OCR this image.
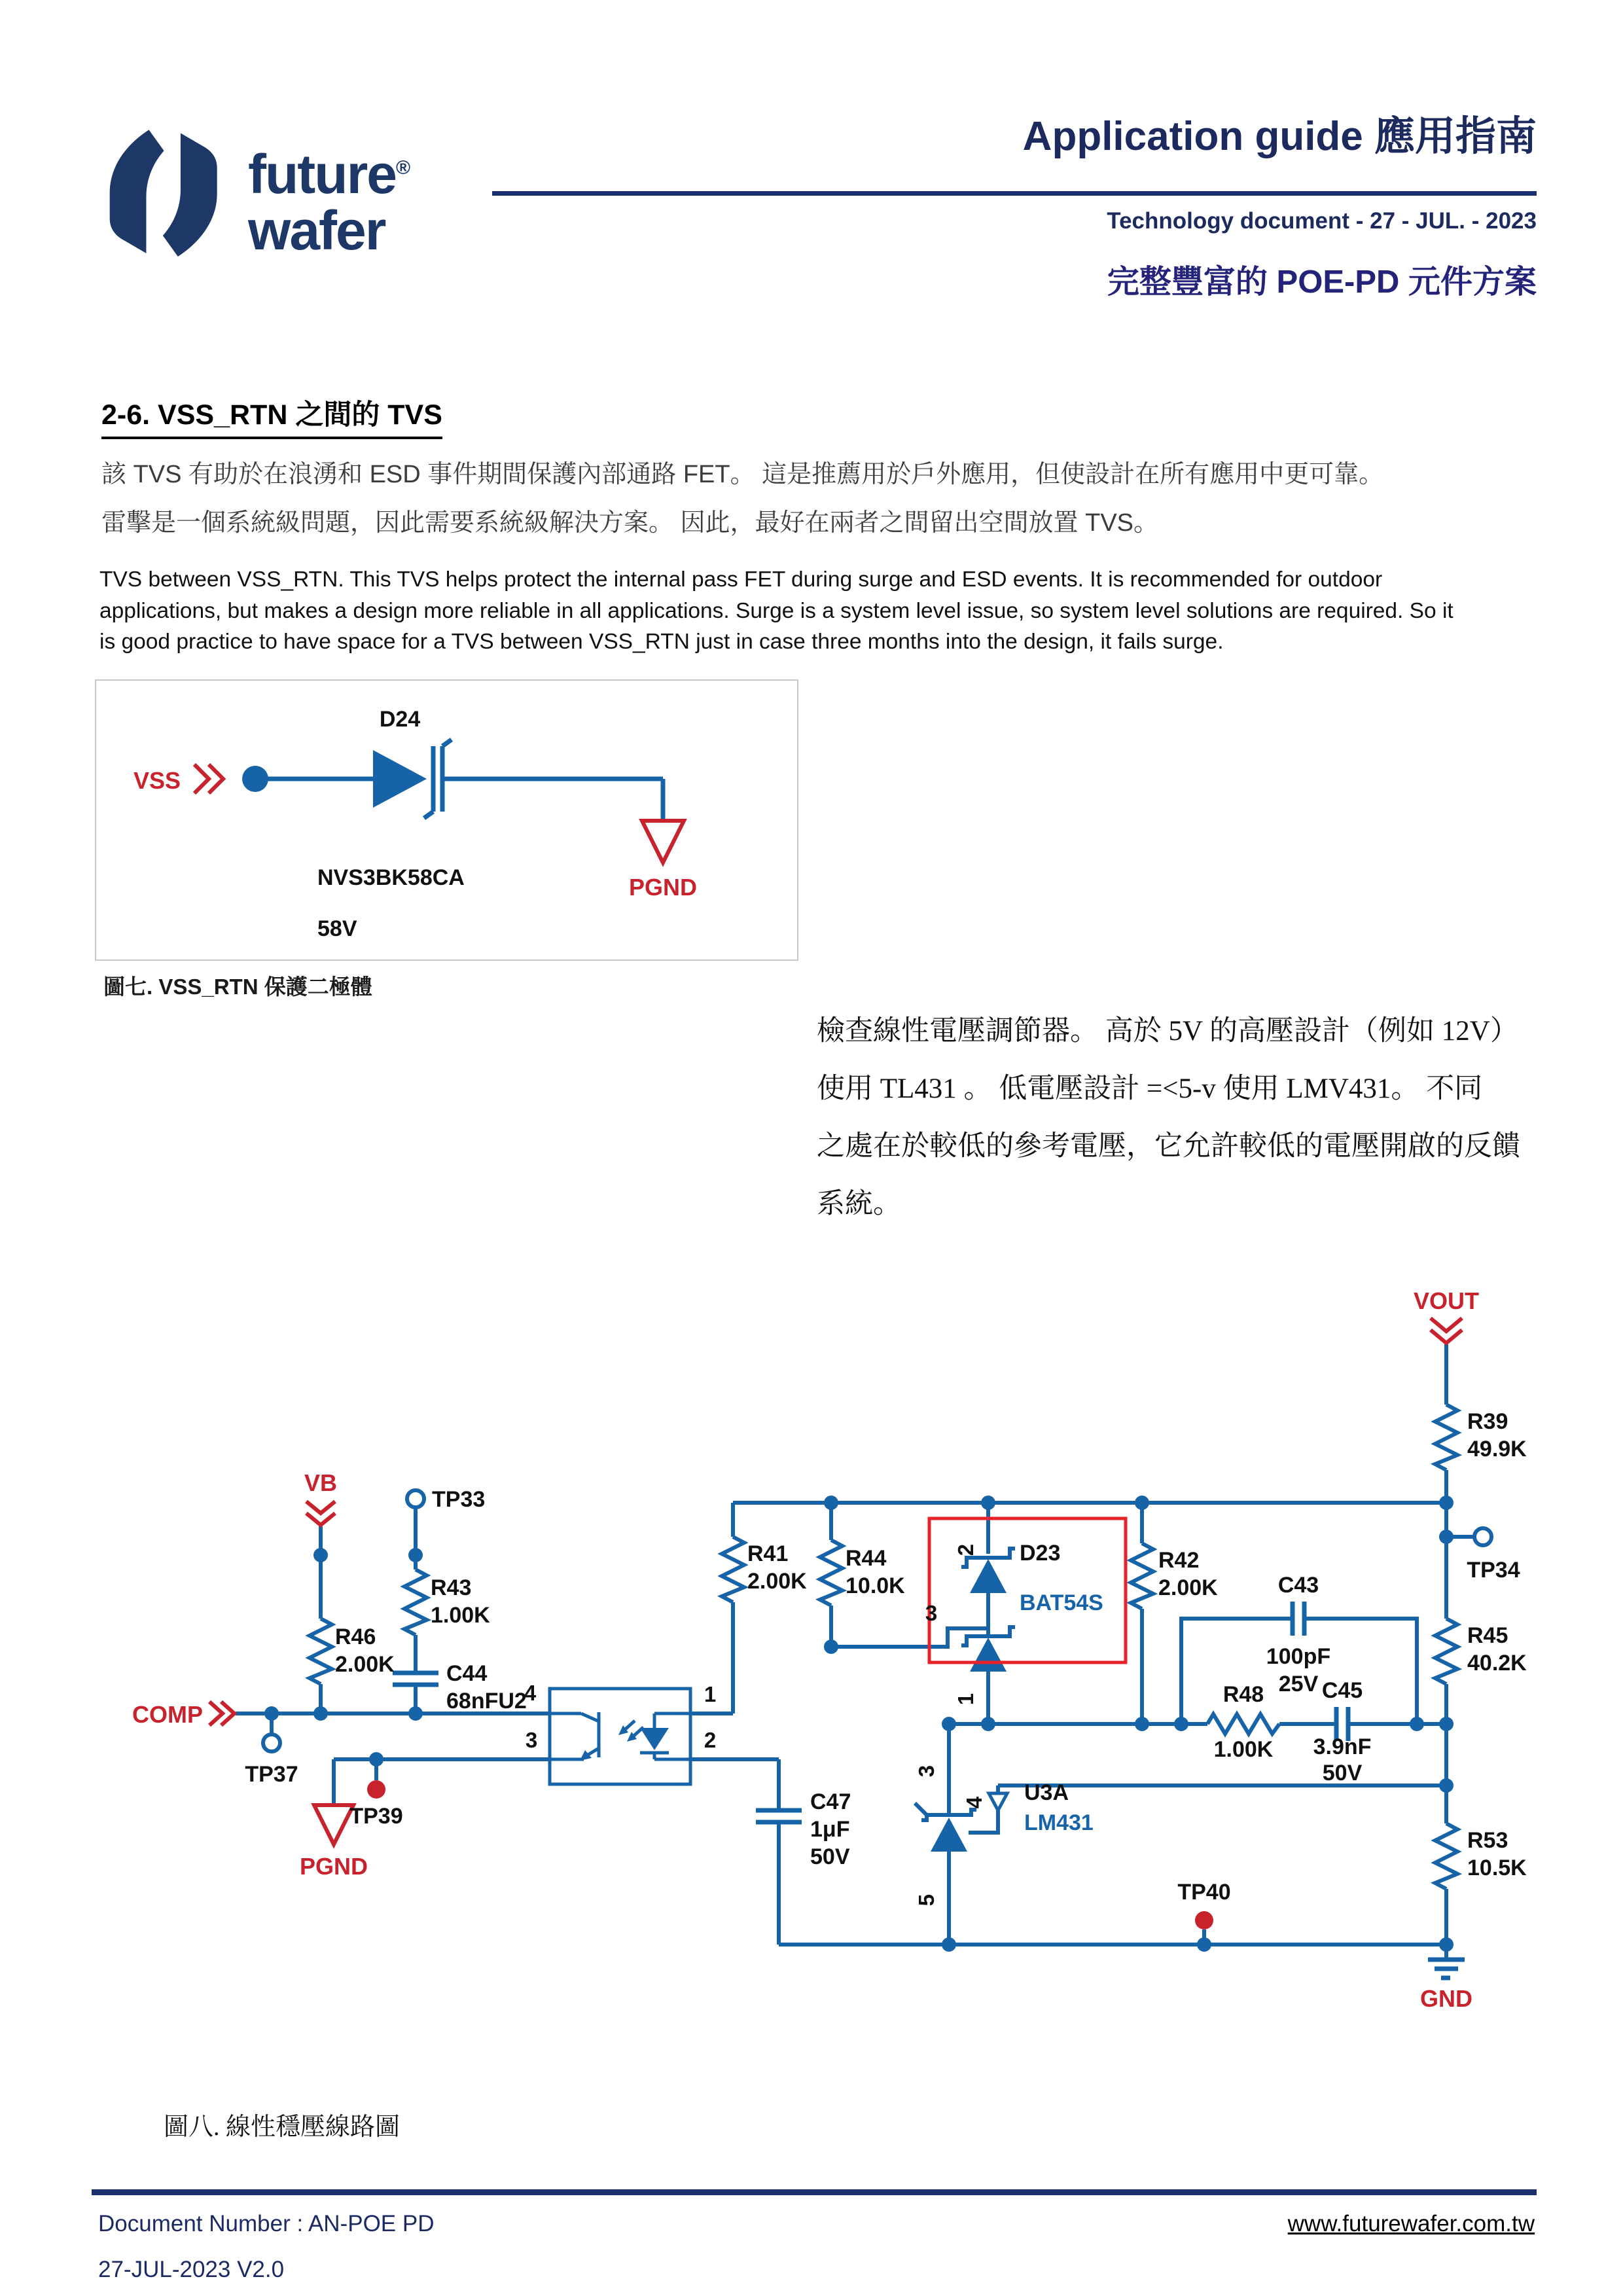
future®
wafer
Application guide 應用指南
Technology document - 27 - JUL. - 2023
完整豐富的 POE-PD 元件方案
2-6. VSS_RTN 之間的 TVS
該 TVS 有助於在浪湧和 ESD 事件期間保護內部通路 FET。 這是推薦用於戶外應用，但使設計在所有應用中更可靠。
雷擊是一個系統級問題，因此需要系統級解決方案。 因此，最好在兩者之間留出空間放置 TVS。
TVS between VSS_RTN. This TVS helps protect the internal pass FET during surge and ESD events. It is recommended for outdoor
applications, but makes a design more reliable in all applications. Surge is a system level issue, so system level solutions are required. So it
is good practice to have space for a TVS between VSS_RTN just in case three months into the design, it fails surge.
VSS
PGND
D24
NVS3BK58CA
58V
圖七. VSS_RTN 保護二極體
檢查線性電壓調節器。 高於 5V 的高壓設計（例如 12V）
使用 TL431 。 低電壓設計 =<5-v 使用 LMV431。 不同
之處在於較低的參考電壓，它允許較低的電壓開啟的反饋
系統。
VOUT
VB
COMP
PGND
GND
TP33
TP34
TP37
TP39
TP40
R39
49.9K
R45
40.2K
R53
10.5K
R41
2.00K
R44
10.0K
R42
2.00K
R46
2.00K
R43
1.00K
C44
68nFU2
C43
100pF
25V
R48
1.00K
C45
3.9nF
50V
C47
1μF
50V
D23
BAT54S
U3A
LM431
4
3
1
2
3
2
1
3
4
5
圖八. 線性穩壓線路圖
Document Number : AN-POE PD
27-JUL-2023 V2.0
www.futurewafer.com.tw
